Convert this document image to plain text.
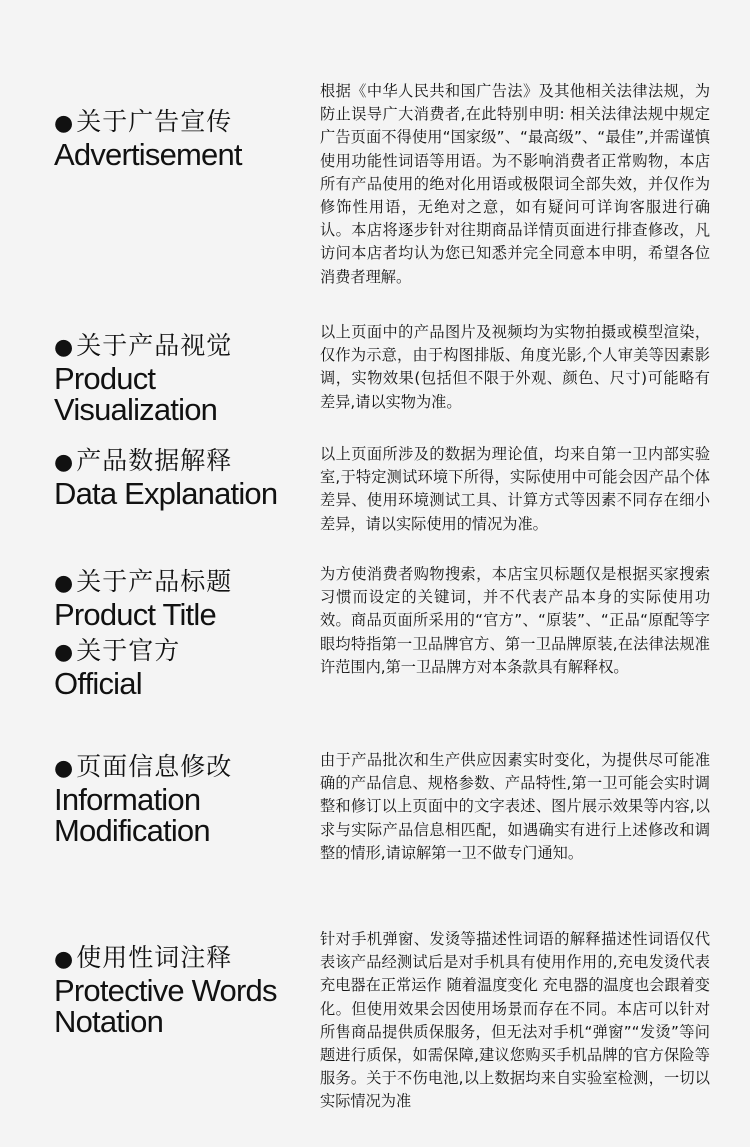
●关于广告宣传
Advertisement
根据《中华人民共和国广告法》及其他相关法律法规，为防止误导广大消费者,在此特别申明: 相关法律法规中规定广告页面不得使用“国家级”、“最高级”、“最佳”,并需谨慎使用功能性词语等用语。为不影响消费者正常购物，本店所有产品使用的绝对化用语或极限词全部失效，并仅作为修饰性用语，无绝对之意，如有疑问可详询客服进行确认。本店将逐步针对往期商品详情页面进行排查修改，凡访问本店者均认为您已知悉并完全同意本申明，希望各位消费者理解。
●关于产品视觉
Product Visualization
以上页面中的产品图片及视频均为实物拍摄或模型渲染，仅作为示意，由于构图排版、角度光影,个人审美等因素影调，实物效果(包括但不限于外观、颜色、尺寸)可能略有差异,请以实物为准。
●产品数据解释
Data Explanation
以上页面所涉及的数据为理论值，均来自第一卫内部实验室,于特定测试环境下所得，实际使用中可能会因产品个体差异、使用环境测试工具、计算方式等因素不同存在细小差异，请以实际使用的情况为准。
●关于产品标题
Product Title
●关于官方
Official
为方使消费者购物搜索，本店宝贝标题仅是根据买家搜索习惯而设定的关键词，并不代表产品本身的实际使用功效。商品页面所采用的“官方”、“原装”、“正品“原配等字眼均特指第一卫品牌官方、第一卫品牌原装,在法律法规准许范围内,第一卫品牌方对本条款具有解释权。
●页面信息修改
Information Modification
由于产品批次和生产供应因素实时变化，为提供尽可能准确的产品信息、规格参数、产品特性,第一卫可能会实时调整和修订以上页面中的文字表述、图片展示效果等内容,以求与实际产品信息相匹配，如遇确实有进行上述修改和调整的情形,请谅解第一卫不做专门通知。
●使用性词注释
Protective Words Notation
针对手机弹窗、发烫等描述性词语的解释描述性词语仅代表该产品经测试后是对手机具有使用作用的,充电发烫代表充电器在正常运作 随着温度变化 充电器的温度也会跟着变化。但使用效果会因使用场景而存在不同。本店可以针对所售商品提供质保服务，但无法对手机“弹窗”“发烫”等问题进行质保，如需保障,建议您购买手机品牌的官方保险等服务。关于不伤电池,以上数据均来自实验室检测，一切以实际情况为准
